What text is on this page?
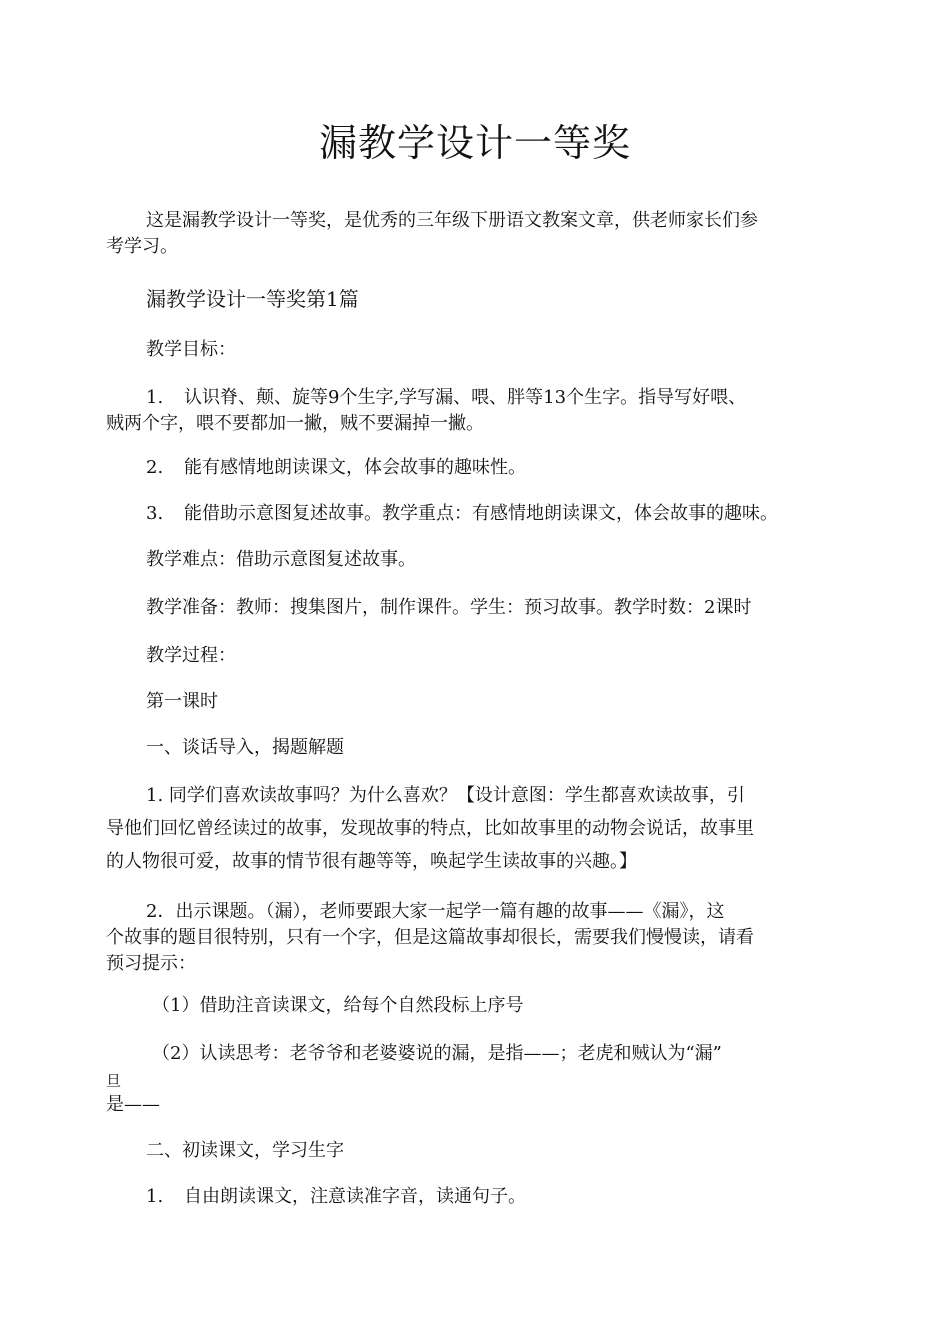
漏教学设计一等奖

这是漏教学设计一等奖，是优秀的三年级下册语文教案文章，供老师家长们参

考学习。

漏教学设计一等奖第1篇

教学目标：

1. 认识脊、颠、旋等9个生字,学写漏、喂、胖等13个生字。指导写好喂、

贼两个字，喂不要都加一撇，贼不要漏掉一撇。

2. 能有感情地朗读课文，体会故事的趣味性。

3. 能借助示意图复述故事。教学重点：有感情地朗读课文，体会故事的趣味。

教学难点：借助示意图复述故事。

教学准备：教师：搜集图片，制作课件。学生：预习故事。教学时数：2课时

教学过程：

第一课时

一、谈话导入，揭题解题

1. 同学们喜欢读故事吗？为什么喜欢？【设计意图：学生都喜欢读故事，引

导他们回忆曾经读过的故事，发现故事的特点，比如故事里的动物会说话，故事里

的人物很可爱，故事的情节很有趣等等，唤起学生读故事的兴趣。】

2．出示课题。（漏），老师要跟大家一起学一篇有趣的故事——《漏》，这

个故事的题目很特别，只有一个字，但是这篇故事却很长，需要我们慢慢读，请看

预习提示：

（1）借助注音读课文，给每个自然段标上序号

（2）认读思考：老爷爷和老婆婆说的漏，是指——；老虎和贼认为“漏”

旦

是——

二、初读课文，学习生字

1. 自由朗读课文，注意读准字音，读通句子。
